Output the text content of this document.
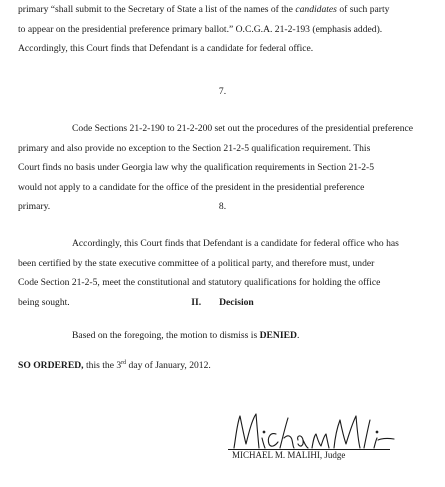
primary “shall submit to the Secretary of State a list of the names of the candidates of such party
to appear on the presidential preference primary ballot.” O.C.G.A. 21-2-193 (emphasis added).
Accordingly, this Court finds that Defendant is a candidate for federal office.

7.

Code Sections 21-2-190 to 21-2-200 set out the procedures of the presidential preference
primary and also provide no exception to the Section 21-2-5 qualification requirement. This
Court finds no basis under Georgia law why the qualification requirements in Section 21-2-5
would not apply to a candidate for the office of the president in the presidential preference
primary.	8.

Accordingly, this Court finds that Defendant is a candidate for federal office who has
been certified by the state executive committee of a political party, and therefore must, under
Code Section 21-2-5, meet the constitutional and statutory qualifications for holding the office
being sought.	II. Decision

Based on the foregoing, the motion to dismiss is DENIED.

SO ORDERED, this the 3rd day of January, 2012.

MICHAEL M. MALIHI, Judge
